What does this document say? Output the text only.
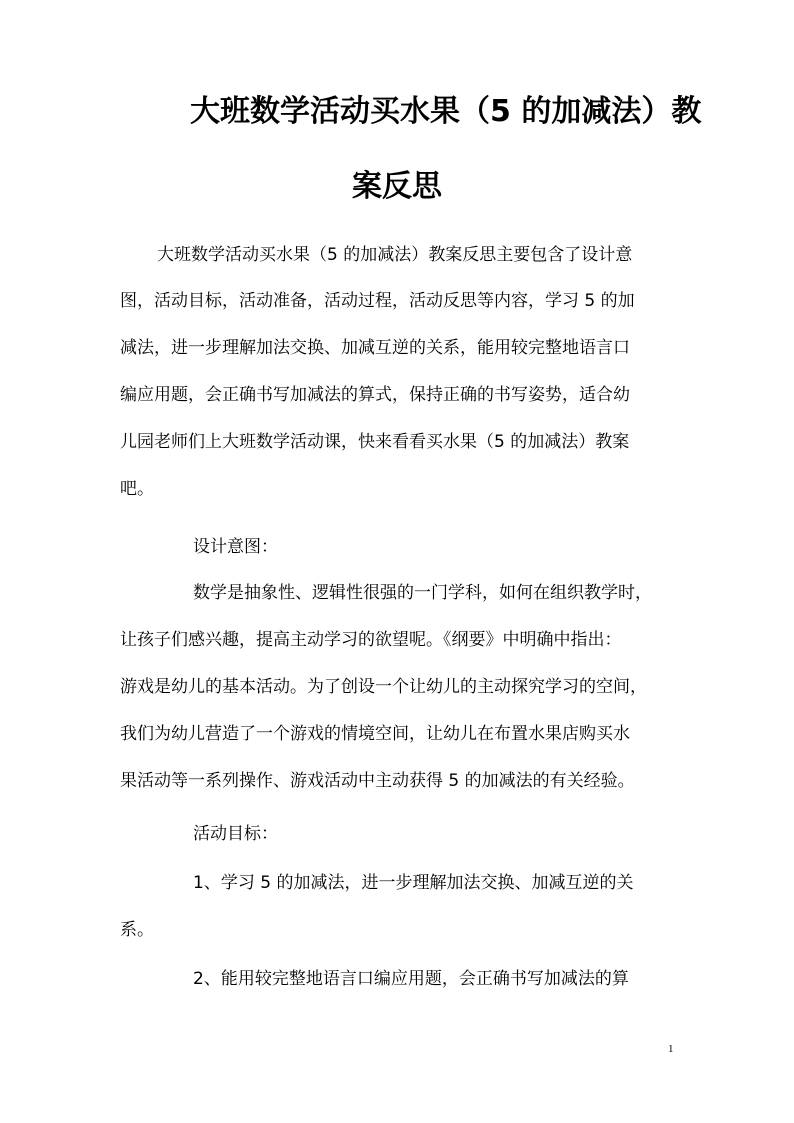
大班数学活动买水果（5 的加减法）教
案反思
大班数学活动买水果（5 的加减法）教案反思主要包含了设计意
图，活动目标，活动准备，活动过程，活动反思等内容，学习 5 的加
减法，进一步理解加法交换、加减互逆的关系，能用较完整地语言口
编应用题，会正确书写加减法的算式，保持正确的书写姿势，适合幼
儿园老师们上大班数学活动课，快来看看买水果（5 的加减法）教案
吧。
设计意图：
数学是抽象性、逻辑性很强的一门学科，如何在组织教学时，
让孩子们感兴趣，提高主动学习的欲望呢。《纲要》中明确中指出：
游戏是幼儿的基本活动。为了创设一个让幼儿的主动探究学习的空间，
我们为幼儿营造了一个游戏的情境空间，让幼儿在布置水果店购买水
果活动等一系列操作、游戏活动中主动获得 5 的加减法的有关经验。
活动目标：
1、学习 5 的加减法，进一步理解加法交换、加减互逆的关
系。
2、能用较完整地语言口编应用题，会正确书写加减法的算
1
